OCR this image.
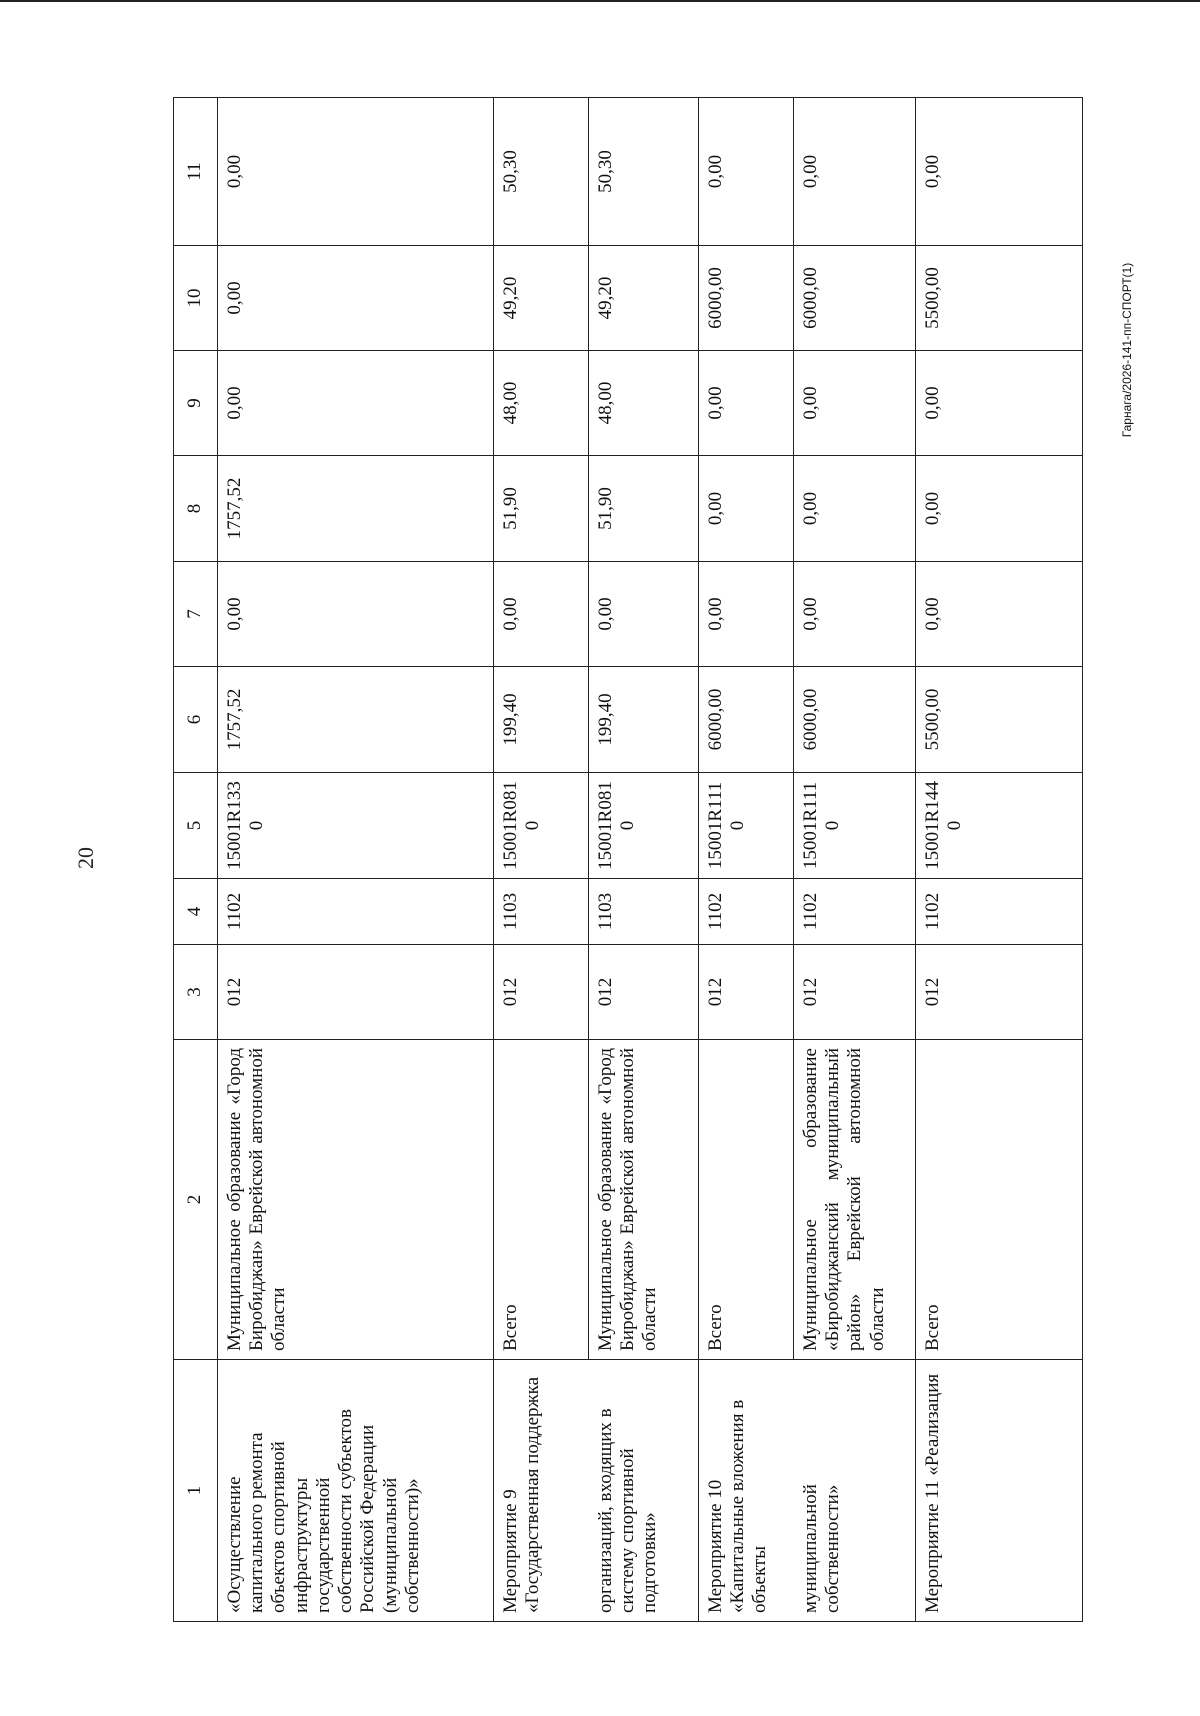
20
Гарнага/2026-141-пп-СПОРТ(1)
1	2	3	4	5	6	7	8	9	10	11
«Осуществление капитального ремонта объектов спортивной инфраструктуры государственной собственности субъектов Российской Федерации (муниципальной собственности)»	Муниципальное образование «Город Биробиджан» Еврейской автономной области	012	1102	15001R1330	1757,52	0,00	1757,52	0,00	0,00	0,00
Мероприятие 9 «Государственная поддержка	Всего	012	1103	15001R0810	199,40	0,00	51,90	48,00	49,20	50,30
организаций, входящих в систему спортивной подготовки»	Муниципальное образование «Город Биробиджан» Еврейской автономной области	012	1103	15001R0810	199,40	0,00	51,90	48,00	49,20	50,30
Мероприятие 10 «Капитальные вложения в объекты	Всего	012	1102	15001R1110	6000,00	0,00	0,00	0,00	6000,00	0,00
муниципальной собственности»	Муниципальное образование «Биробиджанский муниципальный район» Еврейской автономной области	012	1102	15001R1110	6000,00	0,00	0,00	0,00	6000,00	0,00
Мероприятие 11 «Реализация	Всего	012	1102	15001R1440	5500,00	0,00	0,00	0,00	5500,00	0,00
